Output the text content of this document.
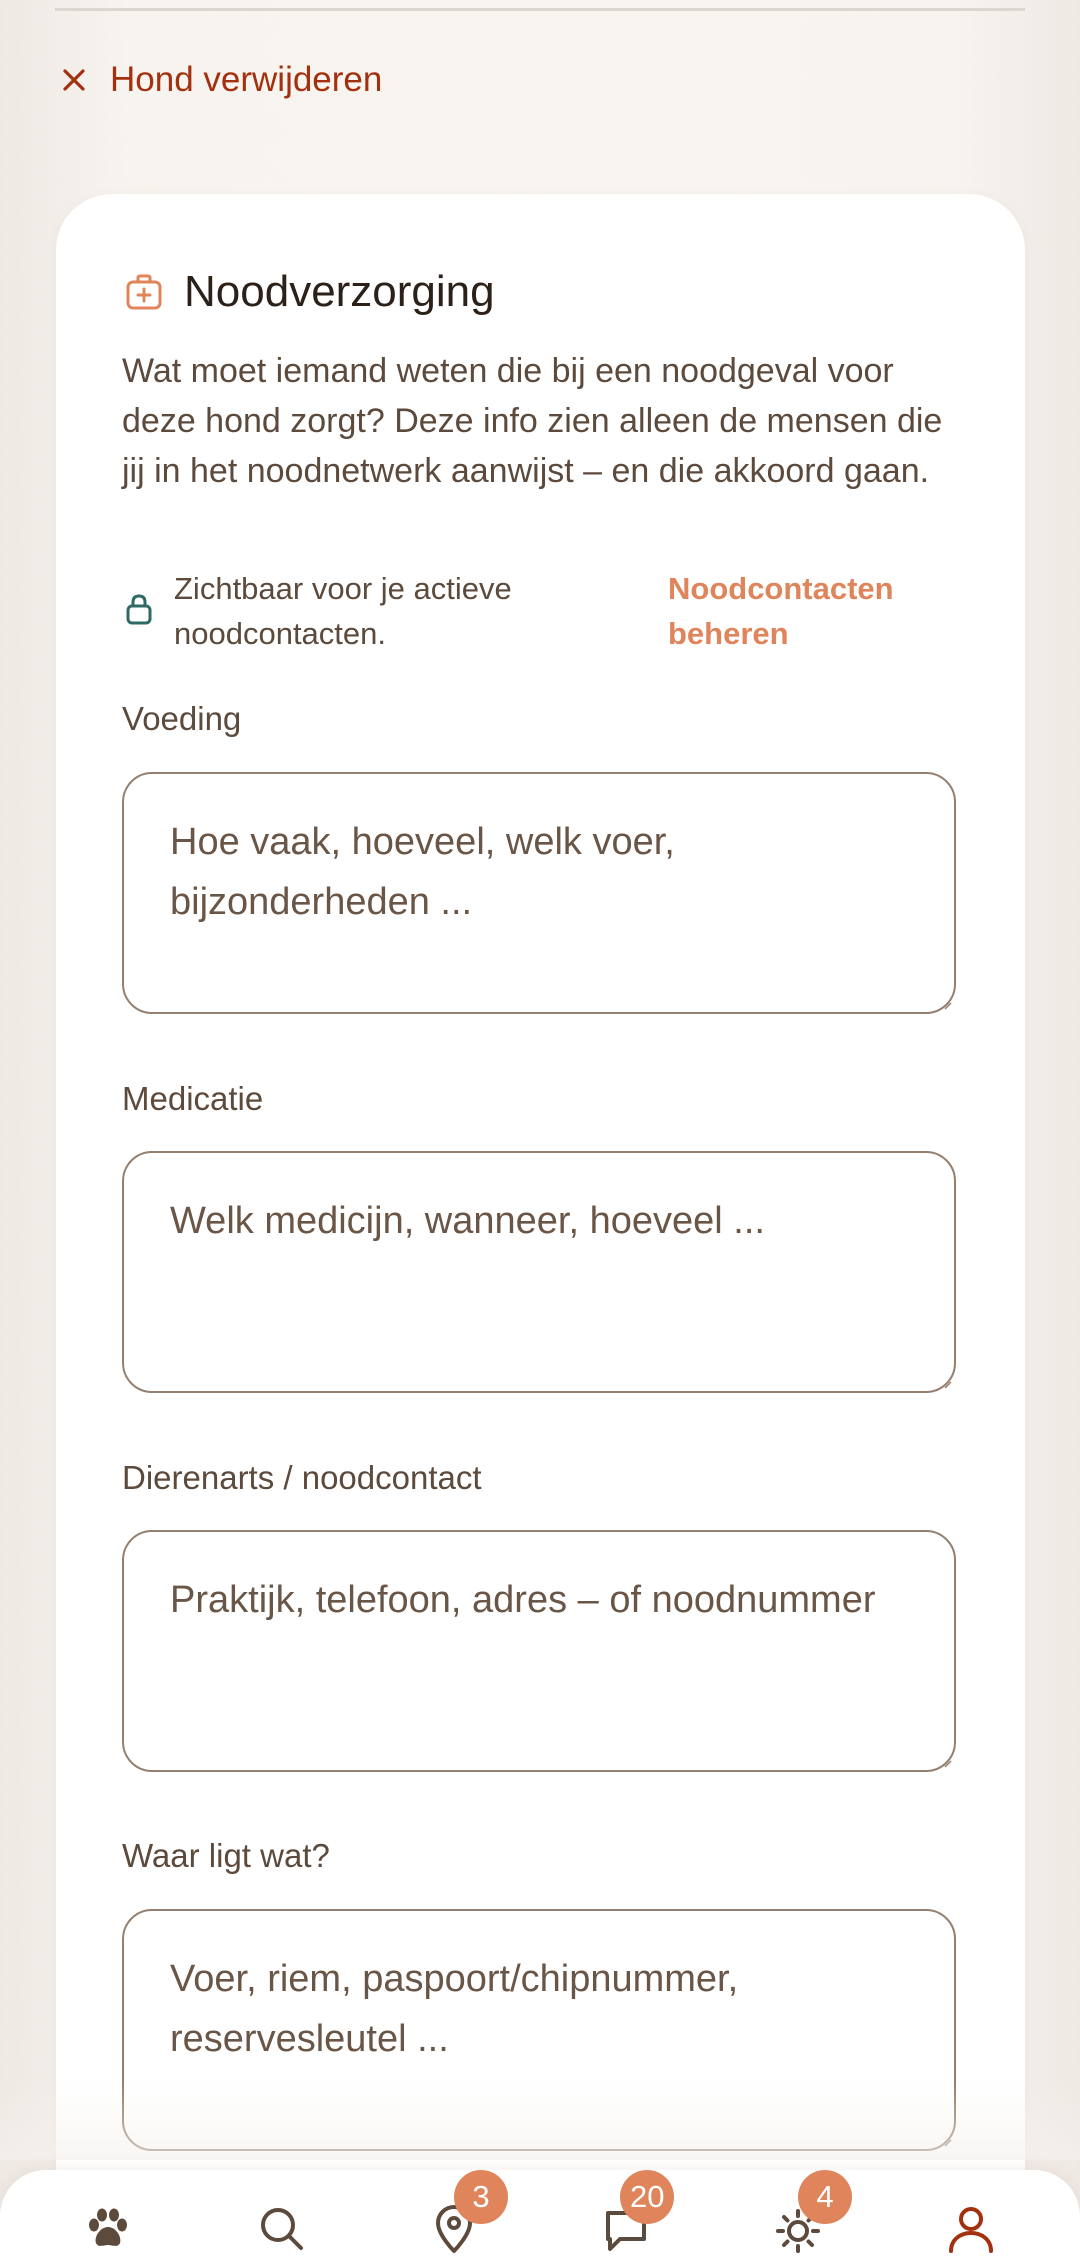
Hond verwijderen
Noodverzorging

Wat moet iemand weten die bij een noodgeval voor deze hond zorgt? Deze info zien alleen de mensen die jij in het noodnetwerk aanwijst – en die akkoord gaan.

Zichtbaar voor je actieve noodcontacten.
Noodcontacten beheren
Voeding
Hoe vaak, hoeveel, welk voer, bijzonderheden ...
Medicatie
Welk medicijn, wanneer, hoeveel ...
Dierenarts / noodcontact
Praktijk, telefoon, adres – of noodnummer
Waar ligt wat?
Voer, riem, paspoort/chipnummer, reservesleutel ...
3	20	4
